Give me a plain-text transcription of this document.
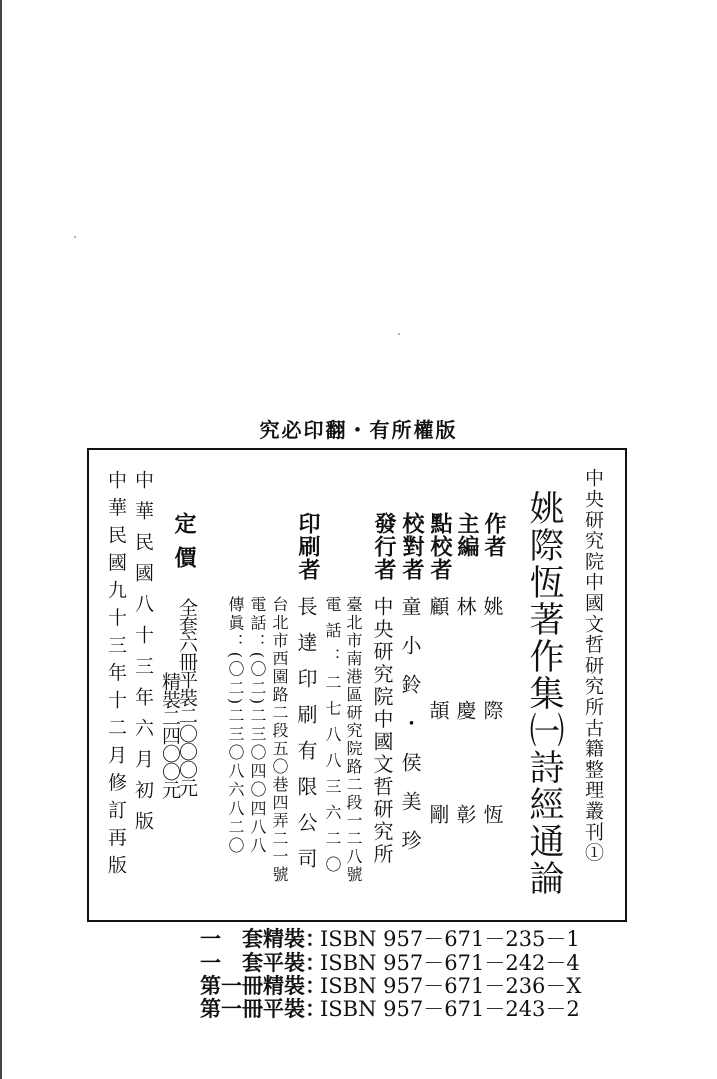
究必印翻・有所權版
中央研究院中國文哲研究所古籍整理叢刊①
姚際恆著作集㈠詩經通論
作者
主編
點校者
校對者
發行者
印刷者
定價
姚際恆
林慶彰
顧頡剛
童小鈴・侯美珍
中央研究院中國文哲研究所
臺北市南港區研究院路二段一二八號
電話：二七八八三六二〇
長達印刷有限公司
台北市西園路二段五〇巷四弄二一號
電話：(〇二)二三〇四〇四八八
傳眞：(〇二)二三〇八六八二〇
全套六冊平裝二〇〇〇元
精裝二四〇〇元
中華民國八十三年六月初版
中華民國九十三年十二月修訂再版
一　套精裝：ISBN 957－671－235－1
一　套平裝：ISBN 957－671－242－4
第一冊精裝：ISBN 957－671－236－X
第一冊平裝：ISBN 957－671－243－2
